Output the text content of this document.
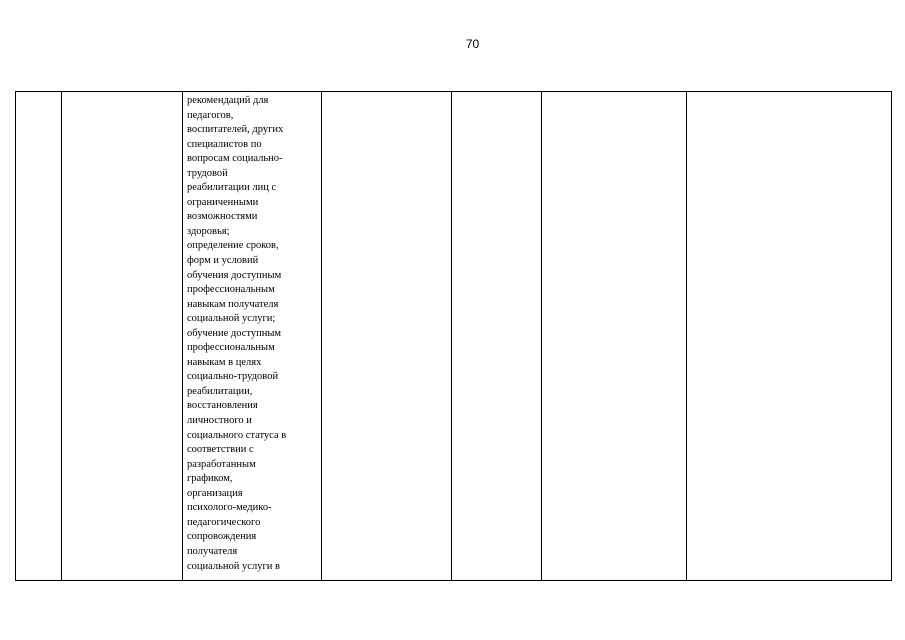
70
рекомендаций для
педагогов,
воспитателей, других
специалистов по
вопросам социально-
трудовой
реабилитации лиц с
ограниченными
возможностями
здоровья;
определение сроков,
форм и условий
обучения доступным
профессиональным
навыкам получателя
социальной услуги;
обучение доступным
профессиональным
навыкам в целях
социально-трудовой
реабилитации,
восстановления
личностного и
социального статуса в
соответствии с
разработанным
графиком,
организация
психолого-медико-
педагогического
сопровождения
получателя
социальной услуги в
